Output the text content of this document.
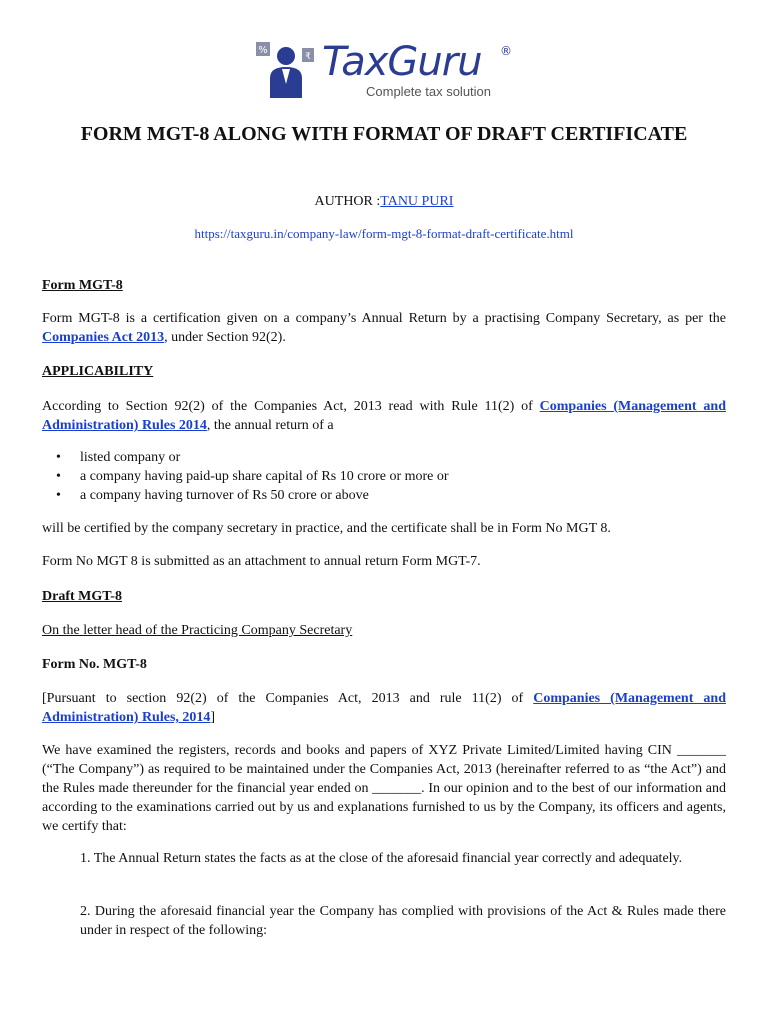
%
₹ TaxGuru ®
Complete tax solution
FORM MGT-8 ALONG WITH FORMAT OF DRAFT CERTIFICATE
AUTHOR :TANU PURI
https://taxguru.in/company-law/form-mgt-8-format-draft-certificate.html
Form MGT-8
Form MGT-8 is a certification given on a company’s Annual Return by a practising Company Secretary, as per the Companies Act 2013, under Section 92(2).
APPLICABILITY
According to Section 92(2) of the Companies Act, 2013 read with Rule 11(2) of Companies (Management and Administration) Rules 2014, the annual return of a
• listed company or
• a company having paid-up share capital of Rs 10 crore or more or
• a company having turnover of Rs 50 crore or above
will be certified by the company secretary in practice, and the certificate shall be in Form No MGT 8.
Form No MGT 8 is submitted as an attachment to annual return Form MGT-7.
Draft MGT-8
On the letter head of the Practicing Company Secretary
Form No. MGT-8
[Pursuant to section 92(2) of the Companies Act, 2013 and rule 11(2) of Companies (Management and Administration) Rules, 2014]
We have examined the registers, records and books and papers of XYZ Private Limited/Limited having CIN _______ (“The Company”) as required to be maintained under the Companies Act, 2013 (hereinafter referred to as “the Act”) and the Rules made thereunder for the financial year ended on _______. In our opinion and to the best of our information and according to the examinations carried out by us and explanations furnished to us by the Company, its officers and agents, we certify that:
1. The Annual Return states the facts as at the close of the aforesaid financial year correctly and adequately.
2. During the aforesaid financial year the Company has complied with provisions of the Act & Rules made there under in respect of the following:
